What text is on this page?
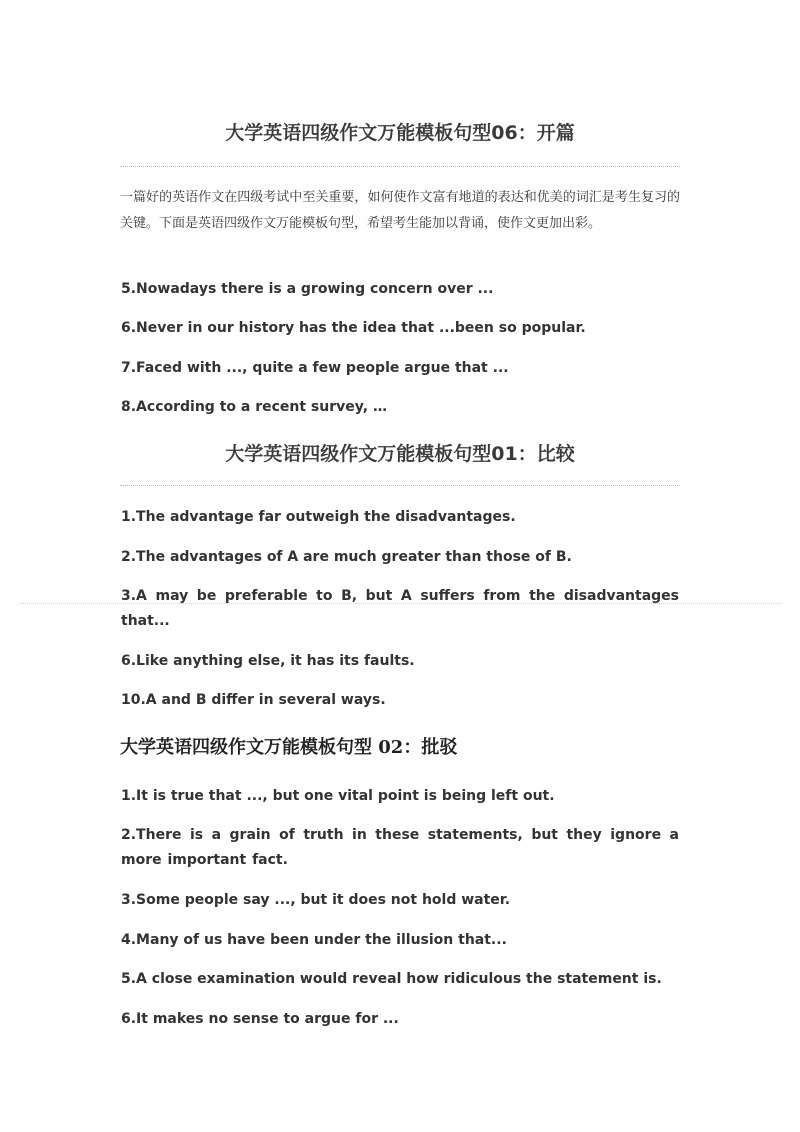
大学英语四级作文万能模板句型06：开篇

一篇好的英语作文在四级考试中至关重要，如何使作文富有地道的表达和优美的词汇是考生复习的关键。下面是英语四级作文万能模板句型，希望考生能加以背诵，使作文更加出彩。

5.Nowadays there is a growing concern over ...

6.Never in our history has the idea that ...been so popular.

7.Faced with ..., quite a few people argue that ...

8.According to a recent survey, …

大学英语四级作文万能模板句型01：比较

1.The advantage far outweigh the disadvantages.

2.The advantages of A are much greater than those of B.

3.A may be preferable to B, but A suffers from the disadvantages that...

6.Like anything else, it has its faults.

10.A and B differ in several ways.

大学英语四级作文万能模板句型 02：批驳

1.It is true that ..., but one vital point is being left out.

2.There is a grain of truth in these statements, but they ignore a more important fact.

3.Some people say ..., but it does not hold water.

4.Many of us have been under the illusion that...

5.A close examination would reveal how ridiculous the statement is.

6.It makes no sense to argue for ...
